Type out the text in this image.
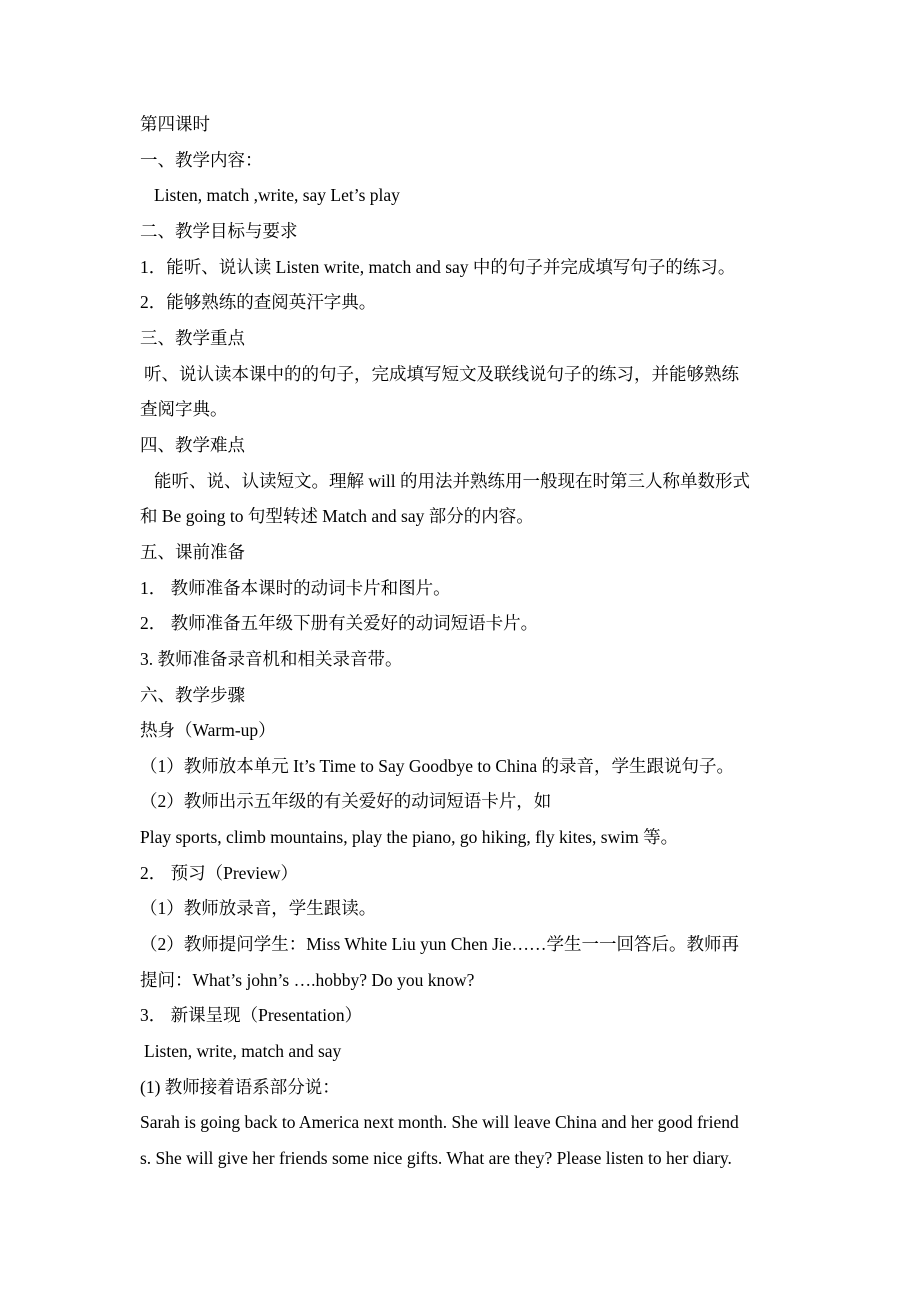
第四课时
一、教学内容：
Listen, match ,write, say Let’s play
二、教学目标与要求
1．能听、说认读 Listen write, match and say 中的句子并完成填写句子的练习。
2．能够熟练的查阅英汗字典。
三、教学重点
听、说认读本课中的的句子，完成填写短文及联线说句子的练习，并能够熟练
查阅字典。
四、教学难点
能听、说、认读短文。理解 will 的用法并熟练用一般现在时第三人称单数形式
和 Be going to 句型转述 Match and say 部分的内容。
五、课前准备
1． 教师准备本课时的动词卡片和图片。
2． 教师准备五年级下册有关爱好的动词短语卡片。
3. 教师准备录音机和相关录音带。
六、教学步骤
热身（Warm-up）
（1）教师放本单元 It’s Time to Say Goodbye to China 的录音，学生跟说句子。
（2）教师出示五年级的有关爱好的动词短语卡片，如
Play sports, climb mountains, play the piano, go hiking, fly kites, swim 等。
2． 预习（Preview）
（1）教师放录音，学生跟读。
（2）教师提问学生：Miss White Liu yun Chen Jie……学生一一回答后。教师再
提问：What’s john’s ….hobby? Do you know?
3． 新课呈现（Presentation）
Listen, write, match and say
(1) 教师接着语系部分说：
Sarah is going back to America next month. She will leave China and her good friend
s. She will give her friends some nice gifts. What are they? Please listen to her diary.
